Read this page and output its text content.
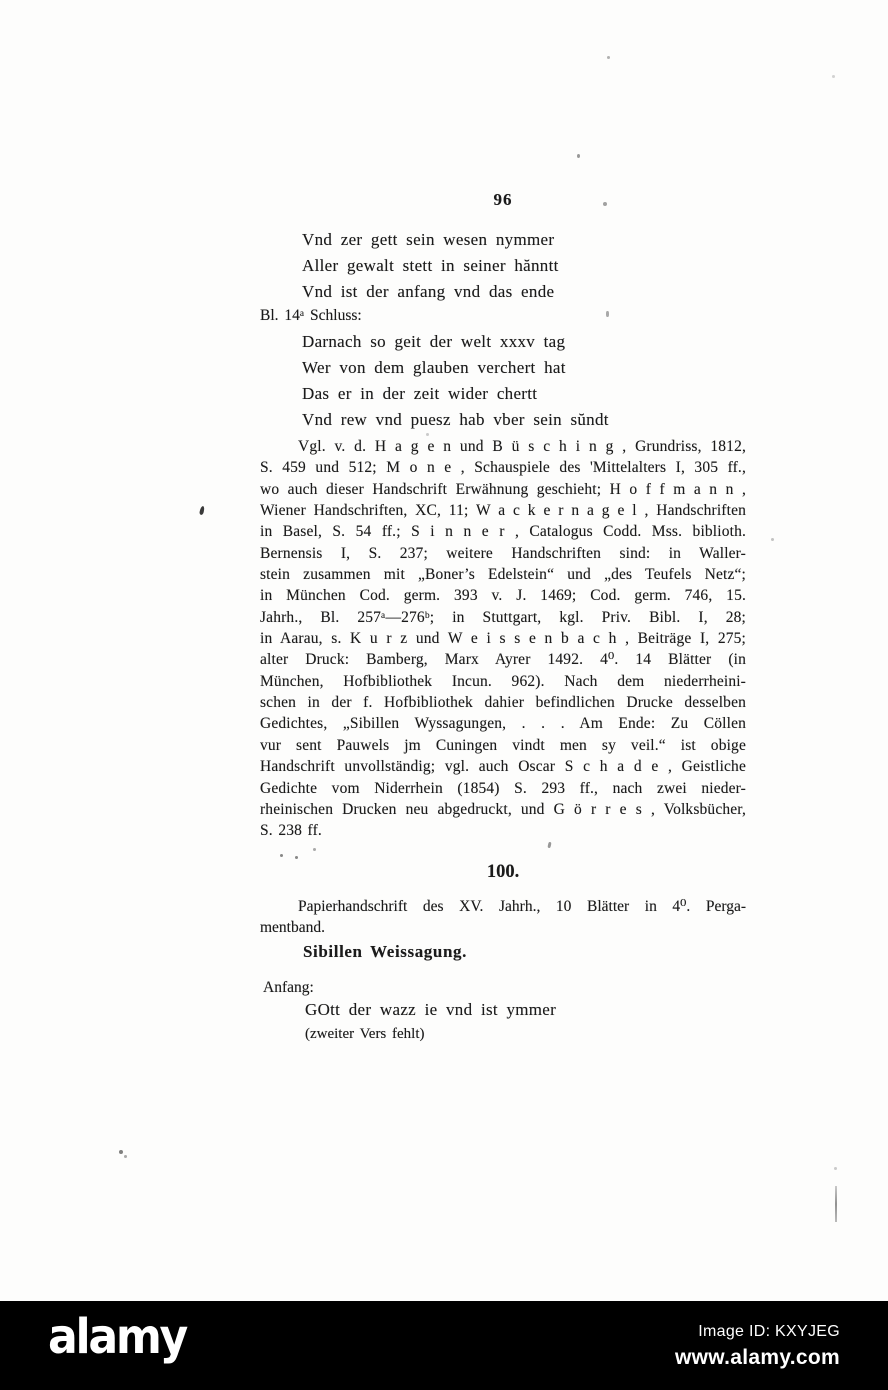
96
Vnd zer gett sein wesen nymmer
Aller gewalt stett in seiner hănntt
Vnd ist der anfang vnd das ende
Bl. 14ᵃ Schluss:
Darnach so geit der welt xxxv tag
Wer von dem glauben verchert hat
Das er in der zeit wider chertt
Vnd rew vnd puesz hab vber sein sŭndt
Vgl. v. d. H a g e n und B ü s c h i n g , Grundriss, 1812,
S. 459 und 512; M o n e , Schauspiele des 'Mittelalters I, 305 ff.,
wo auch dieser Handschrift Erwähnung geschieht; H o f f m a n n ,
Wiener Handschriften, XC, 11; W a c k e r n a g e l , Handschriften
in Basel, S. 54 ff.; S i n n e r , Catalogus Codd. Mss. biblioth.
Bernensis I, S. 237; weitere Handschriften sind: in Waller-
stein zusammen mit „Boner’s Edelstein“ und „des Teufels Netz“;
in München Cod. germ. 393 v. J. 1469; Cod. germ. 746, 15.
Jahrh., Bl. 257ᵃ—276ᵇ; in Stuttgart, kgl. Priv. Bibl. I, 28;
in Aarau, s. K u r z und W e i s s e n b a c h , Beiträge I, 275;
alter Druck: Bamberg, Marx Ayrer 1492. 4⁰. 14 Blätter (in
München, Hofbibliothek Incun. 962). Nach dem niederrheini-
schen in der f. Hofbibliothek dahier befindlichen Drucke desselben
Gedichtes, „Sibillen Wyssagungen, . . . Am Ende: Zu Cöllen
vur sent Pauwels jm Cuningen vindt men sy veil.“ ist obige
Handschrift unvollständig; vgl. auch Oscar S c h a d e , Geistliche
Gedichte vom Niderrhein (1854) S. 293 ff., nach zwei nieder-
rheinischen Drucken neu abgedruckt, und G ö r r e s , Volksbücher,
S. 238 ff.
100.
Papierhandschrift des XV. Jahrh., 10 Blätter in 4⁰. Perga-
mentband.
Sibillen Weissagung.
Anfang:
GOtt der wazz ie vnd ist ymmer
(zweiter Vers fehlt)
alamy	Image ID: KXYJEG
www.alamy.com
